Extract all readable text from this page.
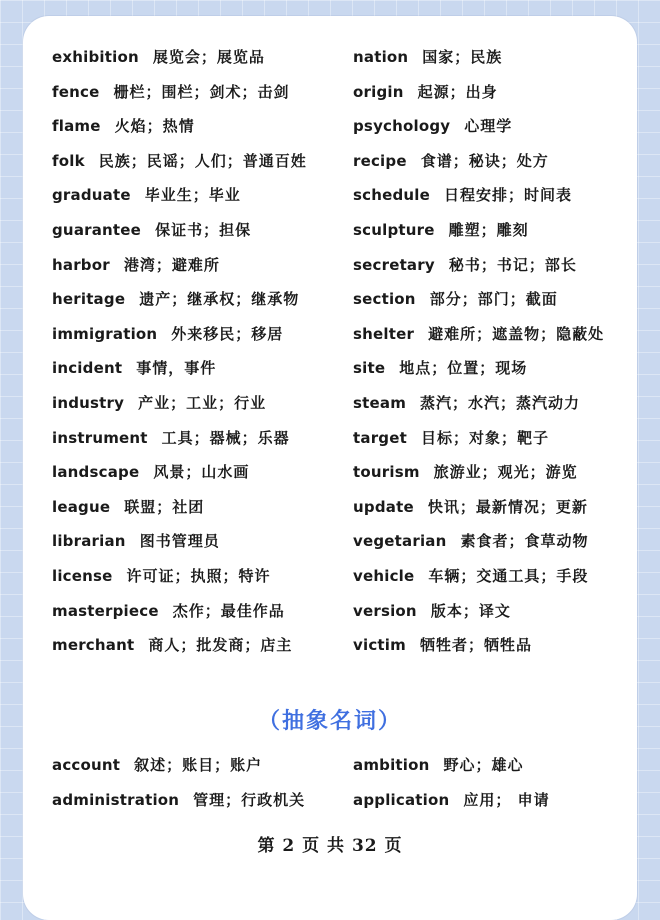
exhibition 展览会；展览品
fence 栅栏；围栏；剑术；击剑
flame 火焰；热情
folk 民族；民谣；人们；普通百姓
graduate 毕业生；毕业
guarantee 保证书；担保
harbor 港湾；避难所
heritage 遗产；继承权；继承物
immigration 外来移民；移居
incident 事情，事件
industry 产业；工业；行业
instrument 工具；器械；乐器
landscape 风景；山水画
league 联盟；社团
librarian 图书管理员
license 许可证；执照；特许
masterpiece 杰作；最佳作品
merchant 商人；批发商；店主
nation 国家；民族
origin 起源；出身
psychology 心理学
recipe 食谱；秘诀；处方
schedule 日程安排；时间表
sculpture 雕塑；雕刻
secretary 秘书；书记；部长
section 部分；部门；截面
shelter 避难所；遮盖物；隐蔽处
site 地点；位置；现场
steam 蒸汽；水汽；蒸汽动力
target 目标；对象；靶子
tourism 旅游业；观光；游览
update 快讯；最新情况；更新
vegetarian 素食者；食草动物
vehicle 车辆；交通工具；手段
version 版本；译文
victim 牺牲者；牺牲品
（抽象名词）
account 叙述；账目；账户
administration 管理；行政机关
ambition 野心；雄心
application 应用； 申请
第 2 页 共 32 页
